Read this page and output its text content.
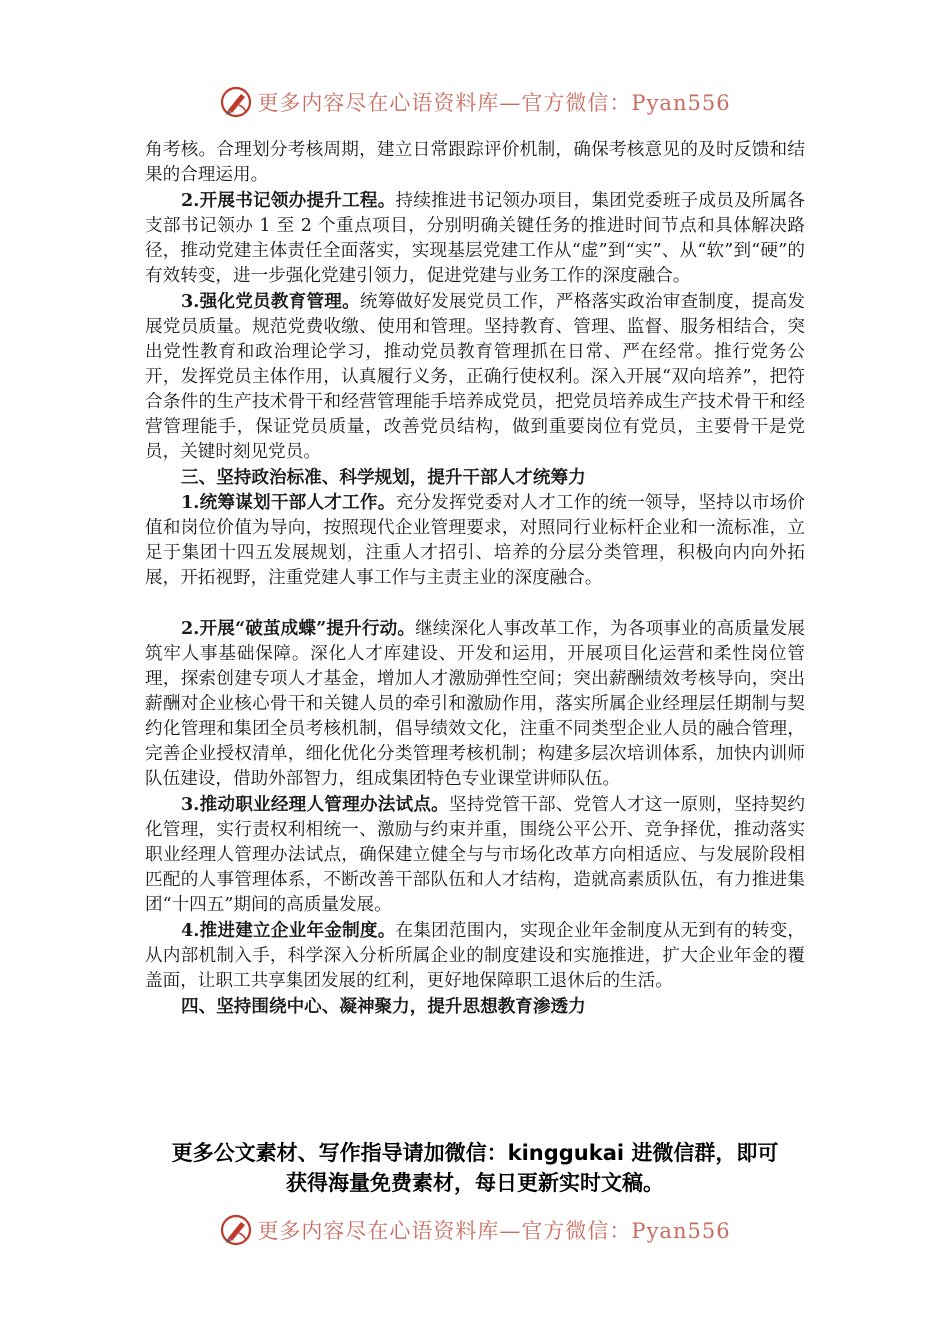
更多内容尽在心语资料库—官方微信：Pyan556

角考核。合理划分考核周期，建立日常跟踪评价机制，确保考核意见的及时反馈和结果的合理运用。

2.开展书记领办提升工程。持续推进书记领办项目，集团党委班子成员及所属各支部书记领办 1 至 2 个重点项目，分别明确关键任务的推进时间节点和具体解决路径，推动党建主体责任全面落实，实现基层党建工作从“虚”到“实”、从“软”到“硬”的有效转变，进一步强化党建引领力，促进党建与业务工作的深度融合。

3.强化党员教育管理。统筹做好发展党员工作，严格落实政治审查制度，提高发展党员质量。规范党费收缴、使用和管理。坚持教育、管理、监督、服务相结合，突出党性教育和政治理论学习，推动党员教育管理抓在日常、严在经常。推行党务公开，发挥党员主体作用，认真履行义务，正确行使权利。深入开展“双向培养”，把符合条件的生产技术骨干和经营管理能手培养成党员，把党员培养成生产技术骨干和经营管理能手，保证党员质量，改善党员结构，做到重要岗位有党员，主要骨干是党员，关键时刻见党员。

三、坚持政治标准、科学规划，提升干部人才统筹力

1.统筹谋划干部人才工作。充分发挥党委对人才工作的统一领导，坚持以市场价值和岗位价值为导向，按照现代企业管理要求，对照同行业标杆企业和一流标准，立足于集团十四五发展规划，注重人才招引、培养的分层分类管理，积极向内向外拓展，开拓视野，注重党建人事工作与主责主业的深度融合。

2.开展“破茧成蝶”提升行动。继续深化人事改革工作，为各项事业的高质量发展筑牢人事基础保障。深化人才库建设、开发和运用，开展项目化运营和柔性岗位管理，探索创建专项人才基金，增加人才激励弹性空间；突出薪酬绩效考核导向，突出薪酬对企业核心骨干和关键人员的牵引和激励作用，落实所属企业经理层任期制与契约化管理和集团全员考核机制，倡导绩效文化，注重不同类型企业人员的融合管理，完善企业授权清单，细化优化分类管理考核机制；构建多层次培训体系，加快内训师队伍建设，借助外部智力，组成集团特色专业课堂讲师队伍。

3.推动职业经理人管理办法试点。坚持党管干部、党管人才这一原则，坚持契约化管理，实行责权利相统一、激励与约束并重，围绕公平公开、竞争择优，推动落实职业经理人管理办法试点，确保建立健全与与市场化改革方向相适应、与发展阶段相匹配的人事管理体系，不断改善干部队伍和人才结构，造就高素质队伍，有力推进集团“十四五”期间的高质量发展。

4.推进建立企业年金制度。在集团范围内，实现企业年金制度从无到有的转变，从内部机制入手，科学深入分析所属企业的制度建设和实施推进，扩大企业年金的覆盖面，让职工共享集团发展的红利，更好地保障职工退休后的生活。

四、坚持围绕中心、凝神聚力，提升思想教育渗透力

更多公文素材、写作指导请加微信：kinggukai 进微信群，即可
获得海量免费素材，每日更新实时文稿。
更多内容尽在心语资料库—官方微信：Pyan556
